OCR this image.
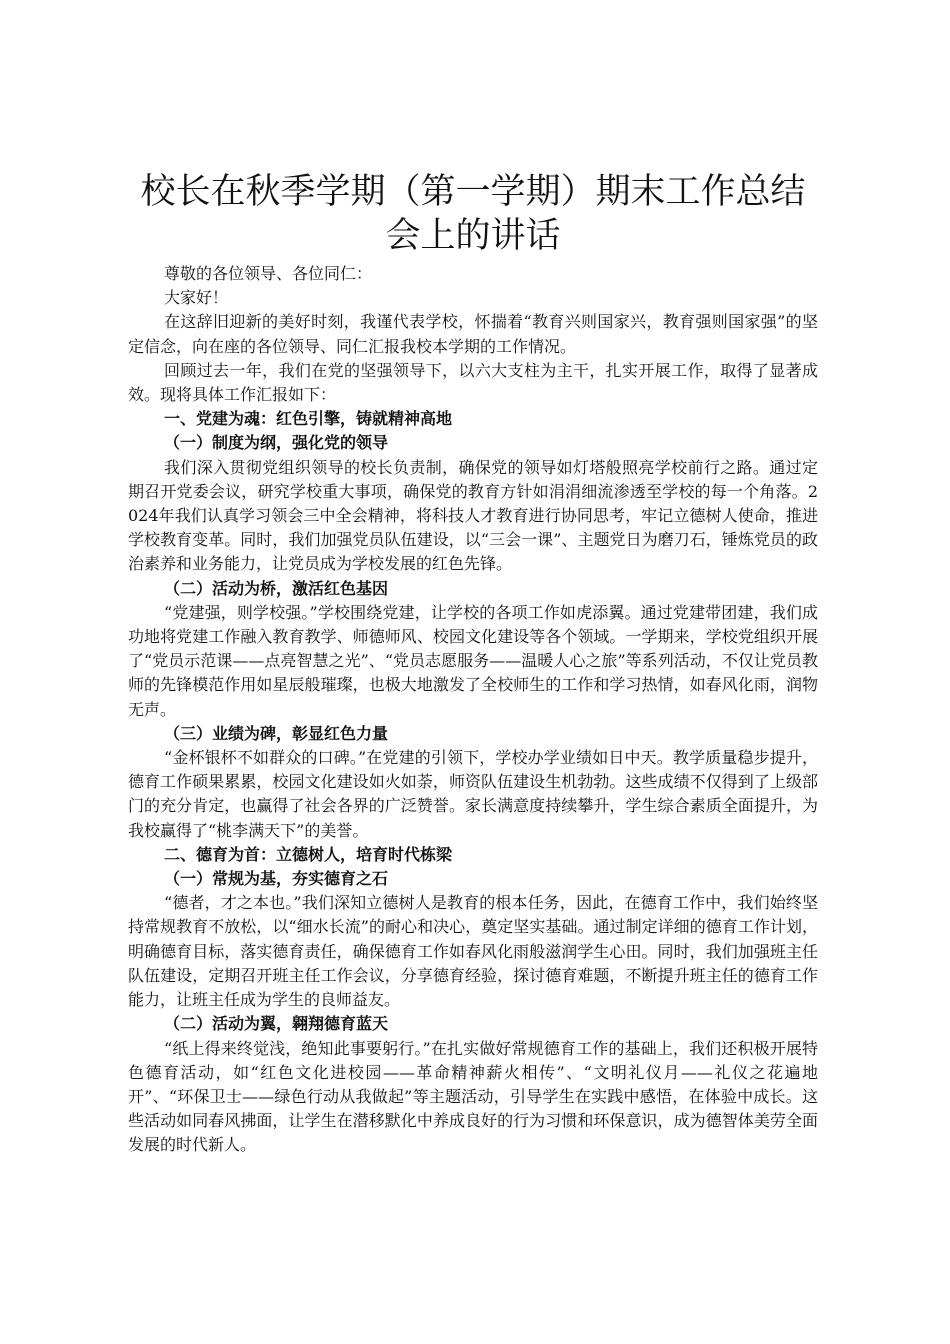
校长在秋季学期（第一学期）期末工作总结会上的讲话

尊敬的各位领导、各位同仁：

大家好！

在这辞旧迎新的美好时刻，我谨代表学校，怀揣着“教育兴则国家兴，教育强则国家强”的坚定信念，向在座的各位领导、同仁汇报我校本学期的工作情况。

回顾过去一年，我们在党的坚强领导下，以六大支柱为主干，扎实开展工作，取得了显著成效。现将具体工作汇报如下：

一、党建为魂：红色引擎，铸就精神高地

（一）制度为纲，强化党的领导

我们深入贯彻党组织领导的校长负责制，确保党的领导如灯塔般照亮学校前行之路。通过定期召开党委会议，研究学校重大事项，确保党的教育方针如涓涓细流渗透至学校的每一个角落。2024年我们认真学习领会三中全会精神，将科技人才教育进行协同思考，牢记立德树人使命，推进学校教育变革。同时，我们加强党员队伍建设，以“三会一课”、主题党日为磨刀石，锤炼党员的政治素养和业务能力，让党员成为学校发展的红色先锋。

（二）活动为桥，激活红色基因

“党建强，则学校强。”学校围绕党建，让学校的各项工作如虎添翼。通过党建带团建，我们成功地将党建工作融入教育教学、师德师风、校园文化建设等各个领域。一学期来，学校党组织开展了“党员示范课——点亮智慧之光”、“党员志愿服务——温暖人心之旅”等系列活动，不仅让党员教师的先锋模范作用如星辰般璀璨，也极大地激发了全校师生的工作和学习热情，如春风化雨，润物无声。

（三）业绩为碑，彰显红色力量

“金杯银杯不如群众的口碑。”在党建的引领下，学校办学业绩如日中天。教学质量稳步提升，德育工作硕果累累，校园文化建设如火如荼，师资队伍建设生机勃勃。这些成绩不仅得到了上级部门的充分肯定，也赢得了社会各界的广泛赞誉。家长满意度持续攀升，学生综合素质全面提升，为我校赢得了“桃李满天下”的美誉。

二、德育为首：立德树人，培育时代栋梁

（一）常规为基，夯实德育之石

“德者，才之本也。”我们深知立德树人是教育的根本任务，因此，在德育工作中，我们始终坚持常规教育不放松，以“细水长流”的耐心和决心，奠定坚实基础。通过制定详细的德育工作计划，明确德育目标，落实德育责任，确保德育工作如春风化雨般滋润学生心田。同时，我们加强班主任队伍建设，定期召开班主任工作会议，分享德育经验，探讨德育难题，不断提升班主任的德育工作能力，让班主任成为学生的良师益友。

（二）活动为翼，翱翔德育蓝天

“纸上得来终觉浅，绝知此事要躬行。”在扎实做好常规德育工作的基础上，我们还积极开展特色德育活动，如“红色文化进校园——革命精神薪火相传”、“文明礼仪月——礼仪之花遍地开”、“环保卫士——绿色行动从我做起”等主题活动，引导学生在实践中感悟，在体验中成长。这些活动如同春风拂面，让学生在潜移默化中养成良好的行为习惯和环保意识，成为德智体美劳全面发展的时代新人。
